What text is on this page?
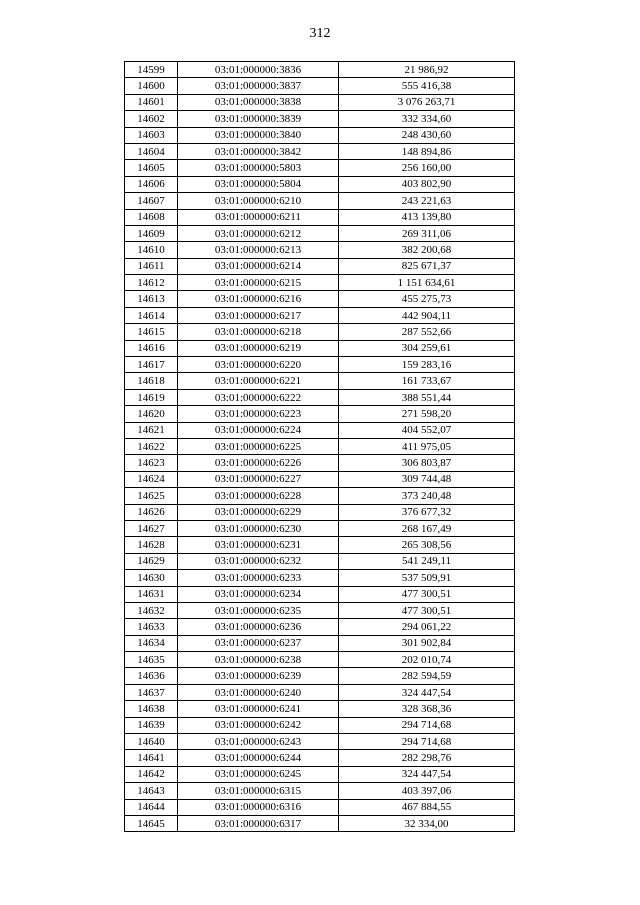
312
14599	03:01:000000:3836	21 986,92
14600	03:01:000000:3837	555 416,38
14601	03:01:000000:3838	3 076 263,71
14602	03:01:000000:3839	332 334,60
14603	03:01:000000:3840	248 430,60
14604	03:01:000000:3842	148 894,86
14605	03:01:000000:5803	256 160,00
14606	03:01:000000:5804	403 802,90
14607	03:01:000000:6210	243 221,63
14608	03:01:000000:6211	413 139,80
14609	03:01:000000:6212	269 311,06
14610	03:01:000000:6213	382 200,68
14611	03:01:000000:6214	825 671,37
14612	03:01:000000:6215	1 151 634,61
14613	03:01:000000:6216	455 275,73
14614	03:01:000000:6217	442 904,11
14615	03:01:000000:6218	287 552,66
14616	03:01:000000:6219	304 259,61
14617	03:01:000000:6220	159 283,16
14618	03:01:000000:6221	161 733,67
14619	03:01:000000:6222	388 551,44
14620	03:01:000000:6223	271 598,20
14621	03:01:000000:6224	404 552,07
14622	03:01:000000:6225	411 975,05
14623	03:01:000000:6226	306 803,87
14624	03:01:000000:6227	309 744,48
14625	03:01:000000:6228	373 240,48
14626	03:01:000000:6229	376 677,32
14627	03:01:000000:6230	268 167,49
14628	03:01:000000:6231	265 308,56
14629	03:01:000000:6232	541 249,11
14630	03:01:000000:6233	537 509,91
14631	03:01:000000:6234	477 300,51
14632	03:01:000000:6235	477 300,51
14633	03:01:000000:6236	294 061,22
14634	03:01:000000:6237	301 902,84
14635	03:01:000000:6238	202 010,74
14636	03:01:000000:6239	282 594,59
14637	03:01:000000:6240	324 447,54
14638	03:01:000000:6241	328 368,36
14639	03:01:000000:6242	294 714,68
14640	03:01:000000:6243	294 714,68
14641	03:01:000000:6244	282 298,76
14642	03:01:000000:6245	324 447,54
14643	03:01:000000:6315	403 397,06
14644	03:01:000000:6316	467 884,55
14645	03:01:000000:6317	32 334,00
